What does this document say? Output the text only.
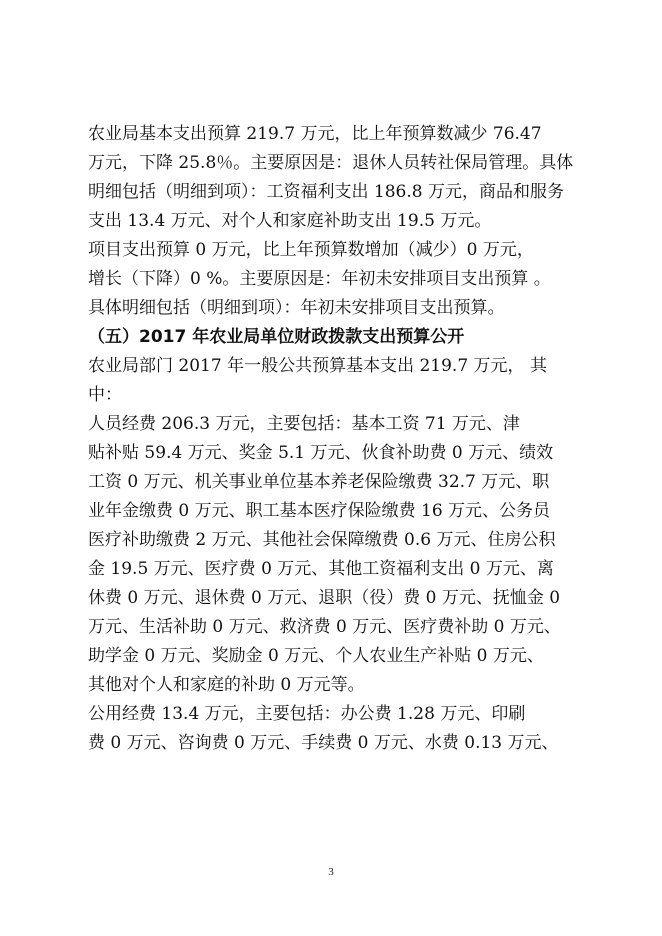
农业局基本支出预算 219.7 万元，比上年预算数减少 76.47
万元，下降 25.8％。主要原因是：退休人员转社保局管理。具体
明细包括（明细到项）：工资福利支出 186.8 万元，商品和服务
支出 13.4 万元、对个人和家庭补助支出 19.5 万元。
项目支出预算 0 万元，比上年预算数增加（减少）0 万元，
增长（下降）0 %。主要原因是：年初未安排项目支出预算 。
具体明细包括（明细到项）：年初未安排项目支出预算。
（五）2017 年农业局单位财政拨款支出预算公开
农业局部门 2017 年一般公共预算基本支出 219.7 万元， 其
中：
人员经费 206.3 万元，主要包括：基本工资 71 万元、津
贴补贴 59.4 万元、奖金 5.1 万元、伙食补助费 0 万元、绩效
工资 0 万元、机关事业单位基本养老保险缴费 32.7 万元、职
业年金缴费 0 万元、职工基本医疗保险缴费 16 万元、公务员
医疗补助缴费 2 万元、其他社会保障缴费 0.6 万元、住房公积
金 19.5 万元、医疗费 0 万元、其他工资福利支出 0 万元、离
休费 0 万元、退休费 0 万元、退职（役）费 0 万元、抚恤金 0
万元、生活补助 0 万元、救济费 0 万元、医疗费补助 0 万元、
助学金 0 万元、奖励金 0 万元、个人农业生产补贴 0 万元、
其他对个人和家庭的补助 0 万元等。
公用经费 13.4 万元，主要包括：办公费 1.28 万元、印刷
费 0 万元、咨询费 0 万元、手续费 0 万元、水费 0.13 万元、
3
